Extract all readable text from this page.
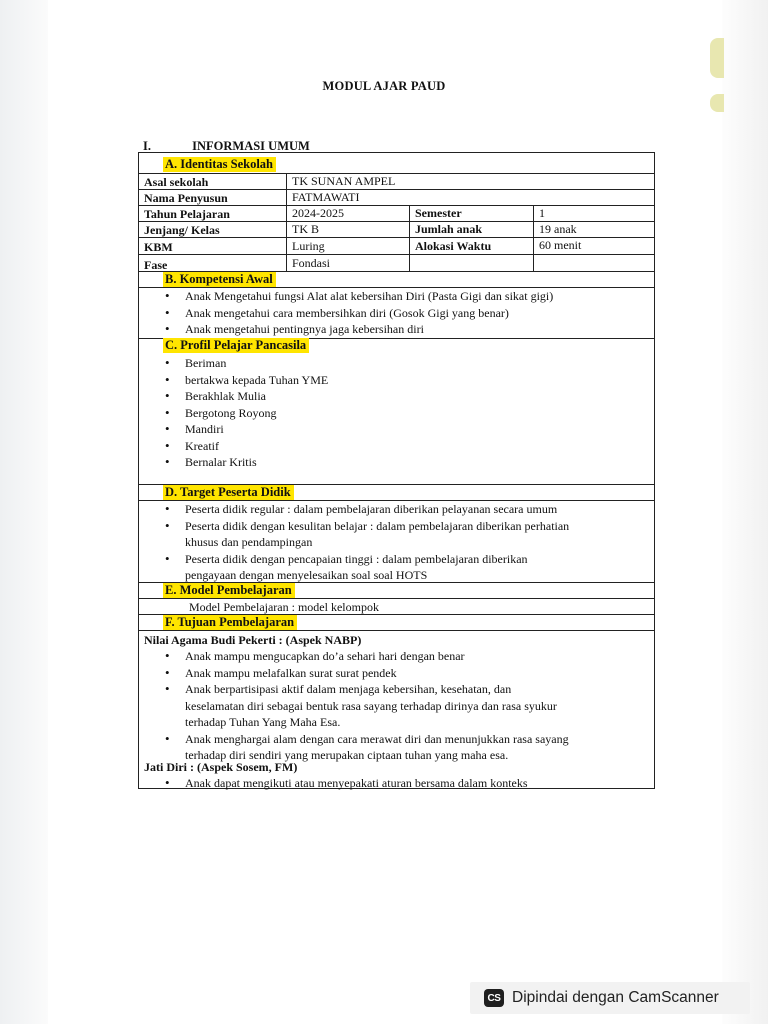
MODUL AJAR PAUD
I.	INFORMASI UMUM
A. Identitas Sekolah
Asal sekolah	TK SUNAN AMPEL
Nama Penyusun	FATMAWATI
Tahun Pelajaran	2024-2025	Semester	1
Jenjang/ Kelas	TK B	Jumlah anak	19 anak
KBM	Luring	Alokasi Waktu	60 menit
Fase	Fondasi
B. Kompetensi Awal
• Anak Mengetahui fungsi Alat alat kebersihan Diri (Pasta Gigi dan sikat gigi)
• Anak mengetahui cara membersihkan diri (Gosok Gigi yang benar)
• Anak mengetahui pentingnya jaga kebersihan diri
C. Profil Pelajar Pancasila
• Beriman
• bertakwa kepada Tuhan YME
• Berakhlak Mulia
• Bergotong Royong
• Mandiri
• Kreatif
• Bernalar Kritis
D. Target Peserta Didik
• Peserta didik regular : dalam pembelajaran diberikan pelayanan secara umum
• Peserta didik dengan kesulitan belajar : dalam pembelajaran diberikan perhatian
khusus dan pendampingan
• Peserta didik dengan pencapaian tinggi : dalam pembelajaran diberikan
pengayaan dengan menyelesaikan soal soal HOTS
E. Model Pembelajaran
Model Pembelajaran : model kelompok
F. Tujuan Pembelajaran
Nilai Agama Budi Pekerti : (Aspek NABP)
• Anak mampu mengucapkan do’a sehari hari dengan benar
• Anak mampu melafalkan surat surat pendek
• Anak berpartisipasi aktif dalam menjaga kebersihan, kesehatan, dan
keselamatan diri sebagai bentuk rasa sayang terhadap dirinya dan rasa syukur
terhadap Tuhan Yang Maha Esa.
• Anak menghargai alam dengan cara merawat diri dan menunjukkan rasa sayang
terhadap diri sendiri yang merupakan ciptaan tuhan yang maha esa.
Jati Diri : (Aspek Sosem, FM)
• Anak dapat mengikuti atau menyepakati aturan bersama dalam konteks
CS Dipindai dengan CamScanner
